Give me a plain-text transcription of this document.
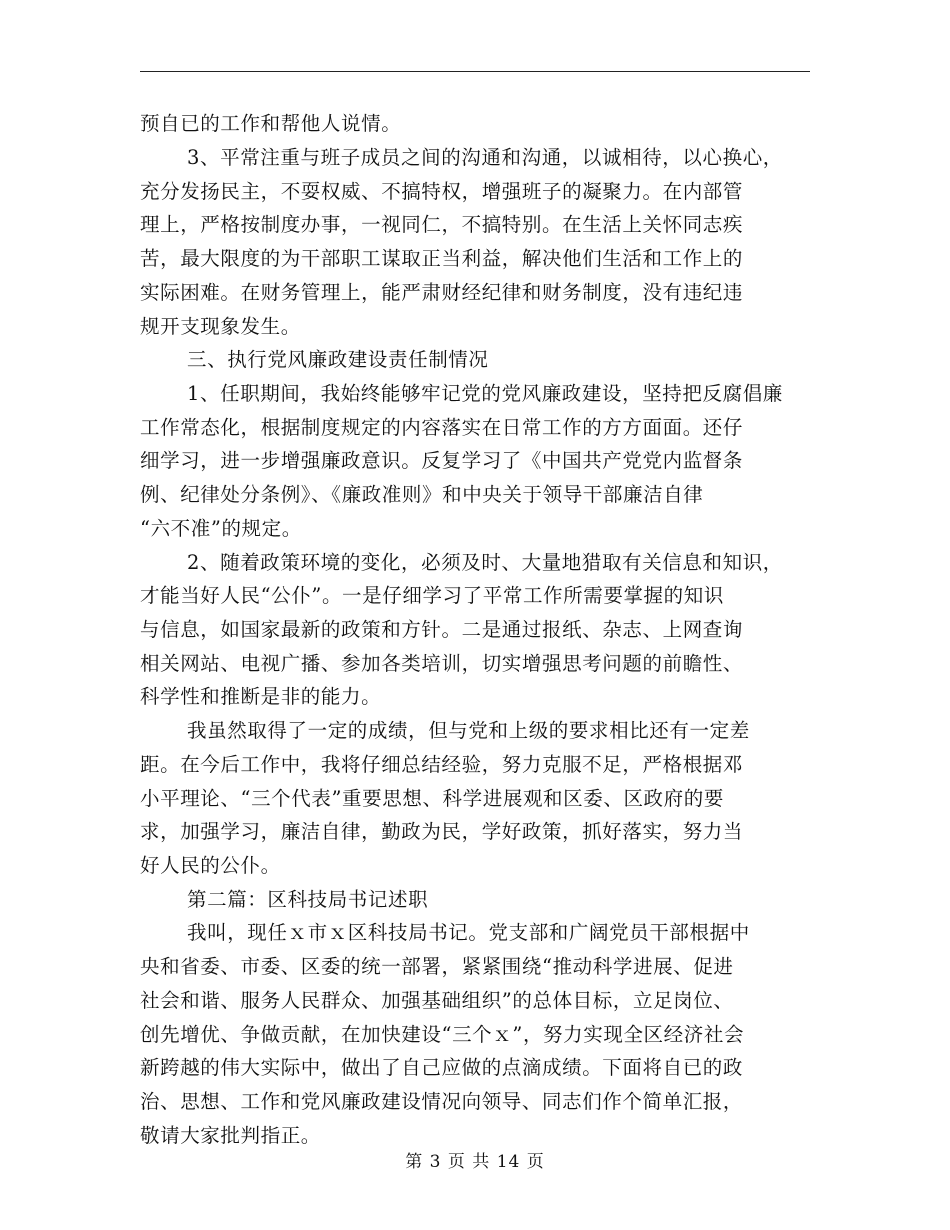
预自已的工作和帮他人说情。
3、平常注重与班子成员之间的沟通和沟通，以诚相待，以心换心，
充分发扬民主，不耍权威、不搞特权，增强班子的凝聚力。在内部管
理上，严格按制度办事，一视同仁，不搞特别。在生活上关怀同志疾
苦，最大限度的为干部职工谋取正当利益，解决他们生活和工作上的
实际困难。在财务管理上，能严肃财经纪律和财务制度，没有违纪违
规开支现象发生。
三、执行党风廉政建设责任制情况
1、任职期间，我始终能够牢记党的党风廉政建设，坚持把反腐倡廉
工作常态化，根据制度规定的内容落实在日常工作的方方面面。还仔
细学习，进一步增强廉政意识。反复学习了《中国共产党党内监督条
例、纪律处分条例》、《廉政准则》和中央关于领导干部廉洁自律
“六不准”的规定。
2、随着政策环境的变化，必须及时、大量地猎取有关信息和知识，
才能当好人民“公仆”。一是仔细学习了平常工作所需要掌握的知识
与信息，如国家最新的政策和方针。二是通过报纸、杂志、上网查询
相关网站、电视广播、参加各类培训，切实增强思考问题的前瞻性、
科学性和推断是非的能力。
我虽然取得了一定的成绩，但与党和上级的要求相比还有一定差
距。在今后工作中，我将仔细总结经验，努力克服不足，严格根据邓
小平理论、“三个代表”重要思想、科学进展观和区委、区政府的要
求，加强学习，廉洁自律，勤政为民，学好政策，抓好落实，努力当
好人民的公仆。
第二篇：区科技局书记述职
我叫，现任ｘ市ｘ区科技局书记。党支部和广阔党员干部根据中
央和省委、市委、区委的统一部署，紧紧围绕“推动科学进展、促进
社会和谐、服务人民群众、加强基础组织”的总体目标，立足岗位、
创先增优、争做贡献，在加快建设“三个ｘ”，努力实现全区经济社会
新跨越的伟大实际中，做出了自己应做的点滴成绩。下面将自已的政
治、思想、工作和党风廉政建设情况向领导、同志们作个简单汇报，
敬请大家批判指正。
第 3 页 共 14 页
